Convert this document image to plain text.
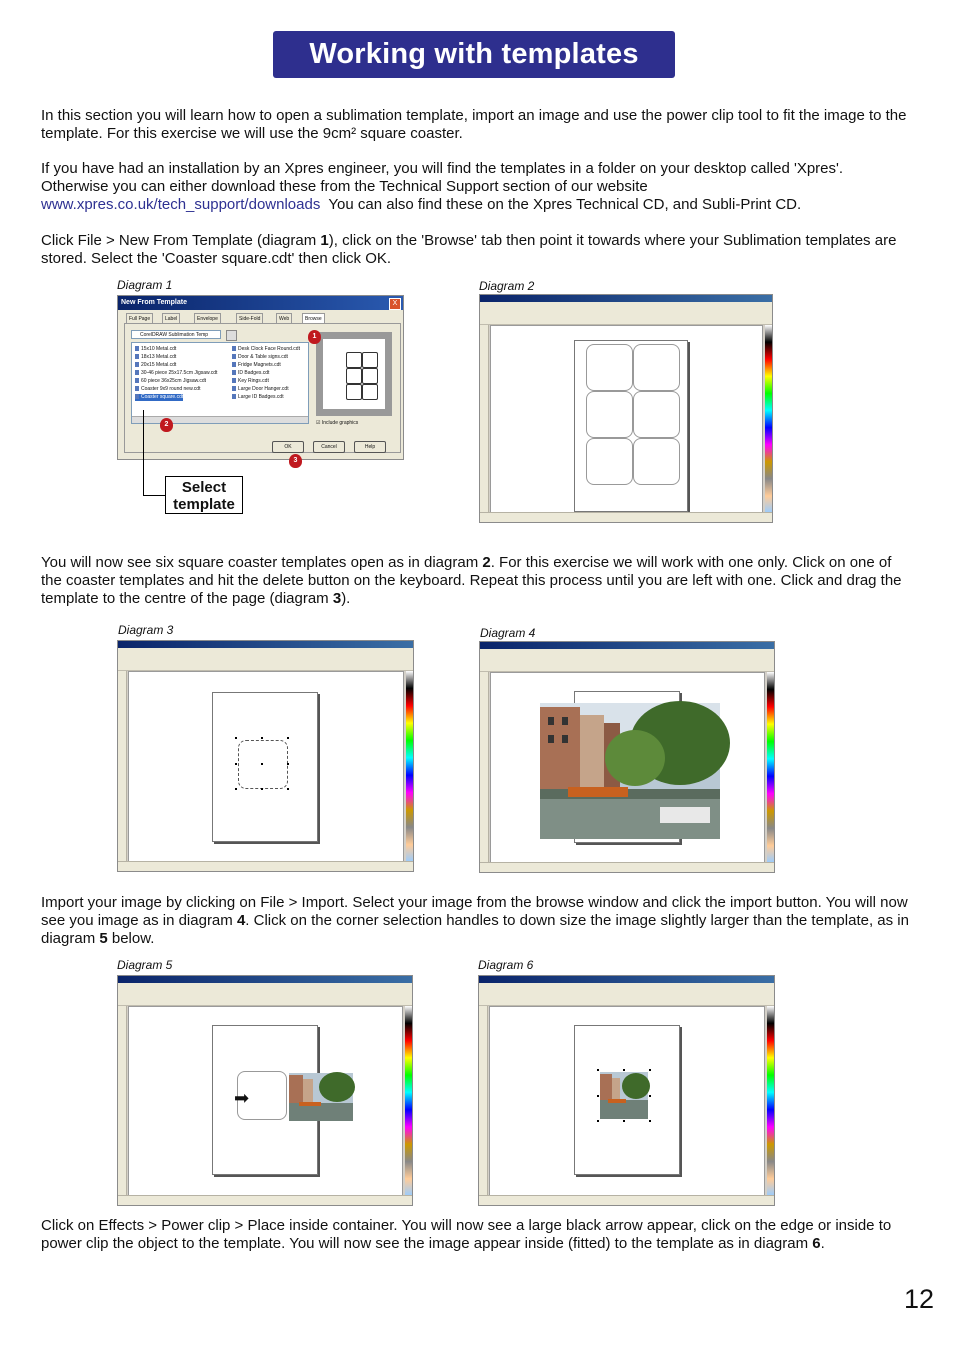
Working with templates

In this section you will learn how to open a sublimation template, import an image and use the power clip tool to fit the image to the template. For this exercise we will use the 9cm² square coaster.

If you have had an installation by an Xpres engineer, you will find the templates in a folder on your desktop called 'Xpres'. Otherwise you can either download these from the Technical Support section of our website
www.xpres.co.uk/tech_support/downloads  You can also find these on the Xpres Technical CD, and Subli-Print CD.

Click File > New From Template (diagram 1), click on the 'Browse' tab then point it towards where your Sublimation templates are stored. Select the 'Coaster square.cdt' then click OK.

Diagram 1	Diagram 2
New From Template	X
Full Page	Label	Envelope	Side-Fold	Web	Browse
CorelDRAW Sublimation Temp
15x10 Metal.cdt
18x13 Metal.cdt
20x15 Metal.cdt
30-46 piece 25x17.5cm Jigsaw.cdt
60 piece 36x25cm Jigsaw.cdt
Coaster 9x9 round new.cdt
Coaster square.cdt
Desk Clock Face Round.cdt
Door & Table signs.cdt
Fridge Magnets.cdt
ID Badges.cdt
Key Rings.cdt
Large Door Hanger.cdt
Large ID Badges.cdt
☑ Include graphics
OK	Cancel	Help
1
2
3
Select
template

You will now see six square coaster templates open as in diagram 2. For this exercise we will work with one only. Click on one of the coaster templates and hit the delete button on the keyboard. Repeat this process until you are left with one. Click and drag the template to the centre of the page (diagram 3).

Diagram 3	Diagram 4

Import your image by clicking on File > Import. Select your image from the browse window and click the import button. You will now see you image as in diagram 4. Click on the corner selection handles to down size the image slightly larger than the template, as in diagram 5 below.

Diagram 5	Diagram 6
➡

Click on Effects > Power clip > Place inside container. You will now see a large black arrow appear, click on the edge or inside to power clip the object to the template. You will now see the image appear inside (fitted) to the template as in diagram 6.

12
